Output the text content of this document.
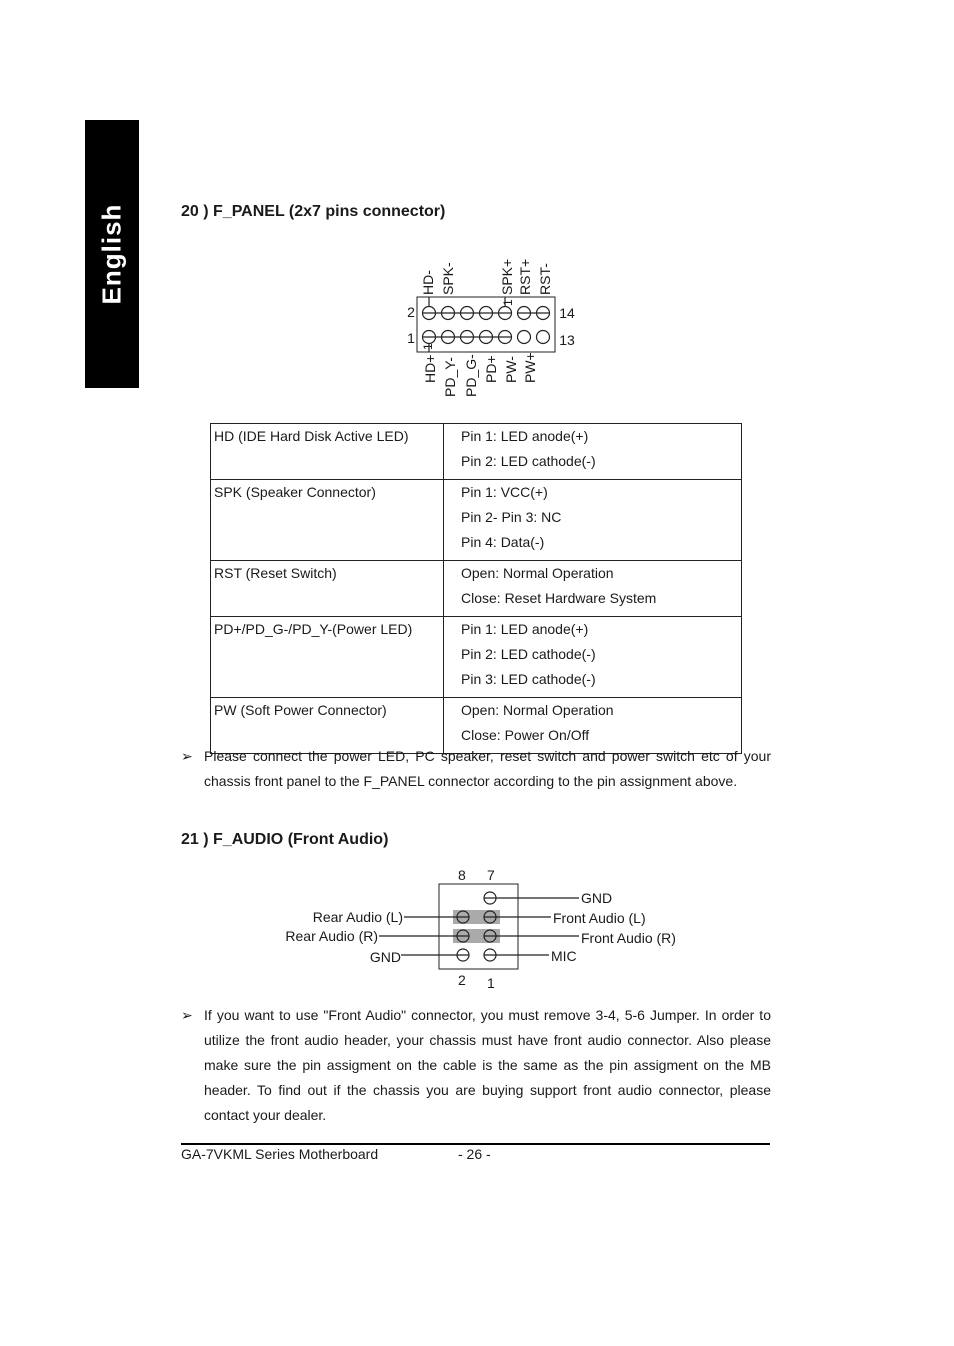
English	20 ) F_PANEL (2x7 pins connector)
HD- SPK-
1
SPK+ RST+ RST-
HD+ PD_Y- PD_G- PD+ PW- PW+
1
2
1
14
13
HD (IDE Hard Disk Active LED)	Pin 1: LED anode(+)
Pin 2: LED cathode(-)

SPK (Speaker Connector)	Pin 1: VCC(+)
Pin 2- Pin 3: NC
Pin 4: Data(-)

RST (Reset Switch)	Open: Normal Operation
Close: Reset Hardware System

PD+/PD_G-/PD_Y-(Power LED)	Pin 1: LED anode(+)
Pin 2: LED cathode(-)
Pin 3: LED cathode(-)

PW (Soft Power Connector)	Open: Normal Operation
Close: Power On/Off
➢ Please connect the power LED, PC speaker, reset switch and power switch etc of your chassis front panel to the F_PANEL connector according to the pin assignment above.
21 ) F_AUDIO (Front Audio)
8 7
2 1
GND
Front Audio (L)
Front Audio (R)
MIC
Rear Audio (L)
Rear Audio (R)
GND
➢ If you want to use "Front Audio" connector, you must remove 3-4, 5-6 Jumper. In order to utilize the front audio header, your chassis must have front audio connector. Also please make sure the pin assigment on the cable is the same as the pin assigment on the MB header. To find out if the chassis you are buying support front audio connector, please contact your dealer.
GA-7VKML Series Motherboard	- 26 -
